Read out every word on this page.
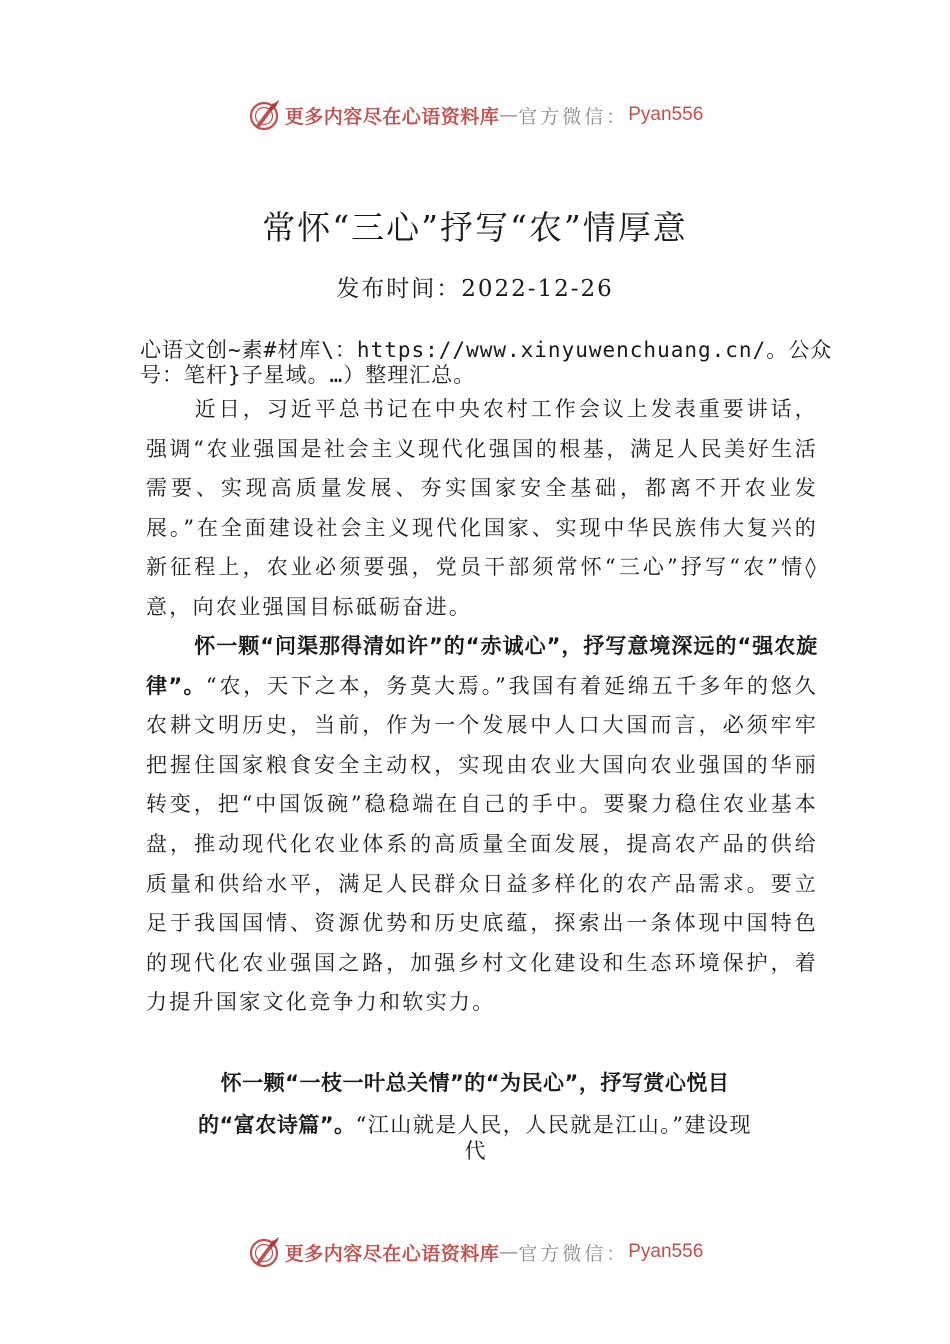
更多内容尽在心语资料库 — 官方微信： Pyan556
常怀“三心”抒写“农”情厚意
发布时间：2022-12-26
心语文创~素#材库\：https://www.xinyuwenchuang.cn/。公众号：笔杆}子星域。…）整理汇总。

近日，习近平总书记在中央农村工作会议上发表重要讲话，强调“农业强国是社会主义现代化强国的根基，满足人民美好生活需要、实现高质量发展、夯实国家安全基础，都离不开农业发展。”在全面建设社会主义现代化国家、实现中华民族伟大复兴的新征程上，农业必须要强，党员干部须常怀“三心”抒写“农”情◊意，向农业强国目标砥砺奋进。

怀一颗“问渠那得清如许”的“赤诚心”，抒写意境深远的“强农旋律”。“农，天下之本，务莫大焉。”我国有着延绵五千多年的悠久农耕文明历史，当前，作为一个发展中人口大国而言，必须牢牢把握住国家粮食安全主动权，实现由农业大国向农业强国的华丽转变，把“中国饭碗”稳稳端在自己的手中。要聚力稳住农业基本盘，推动现代化农业体系的高质量全面发展，提高农产品的供给质量和供给水平，满足人民群众日益多样化的农产品需求。要立足于我国国情、资源优势和历史底蕴，探索出一条体现中国特色的现代化农业强国之路，加强乡村文化建设和生态环境保护，着力提升国家文化竞争力和软实力。

怀一颗“一枝一叶总关情”的“为民心”，抒写赏心悦目
的“富农诗篇”。“江山就是人民，人民就是江山。”建设现
代
更多内容尽在心语资料库 — 官方微信： Pyan556
